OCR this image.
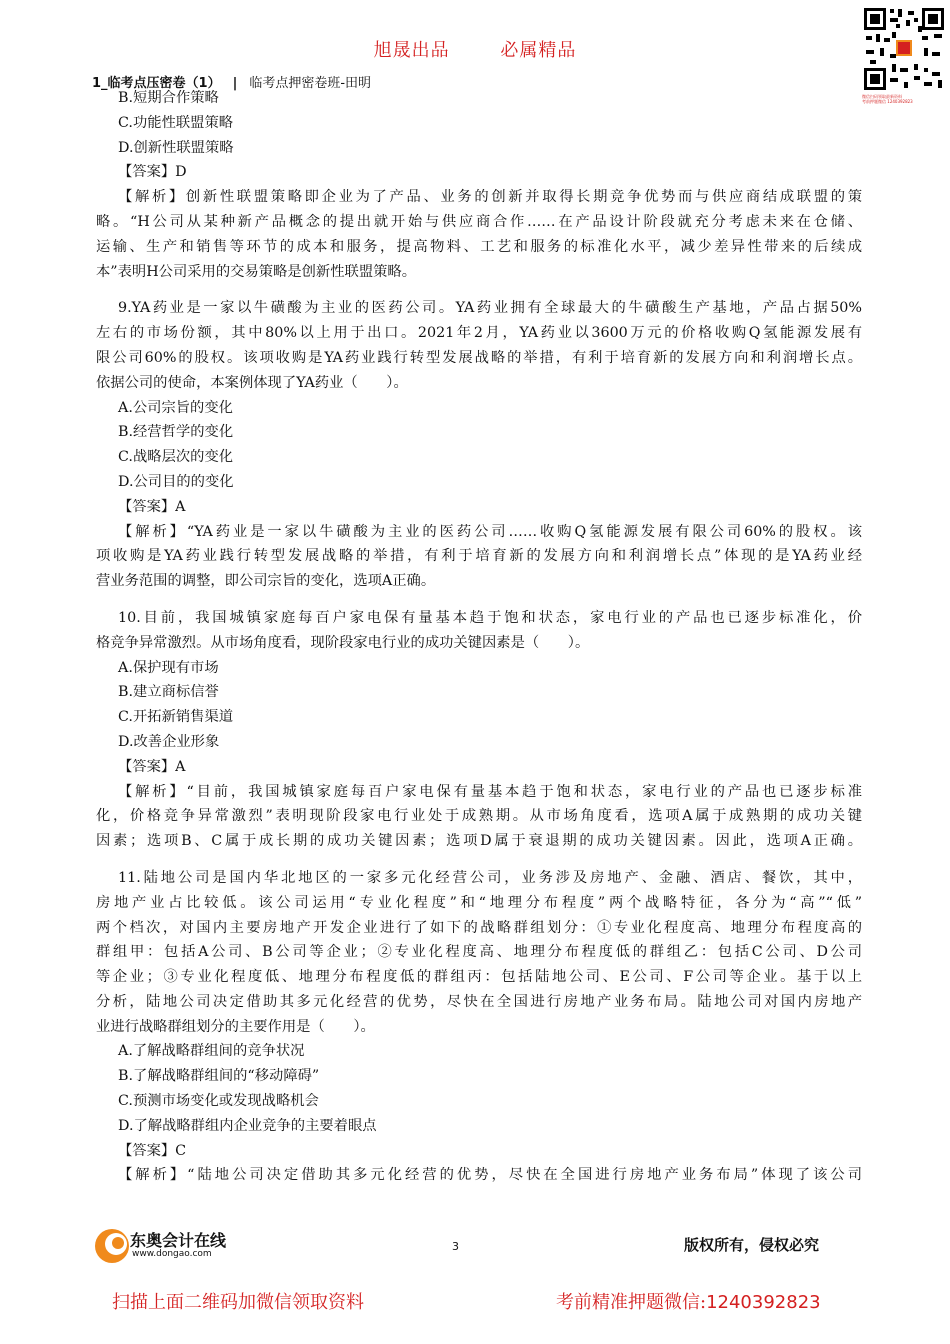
旭晟出品	必属精品
微信扫码领取最新资料
考前押题微信 1240392823
1_临考点压密卷（1） | 临考点押密卷班-田明
B.短期合作策略
C.功能性联盟策略
D.创新性联盟策略
【答案】D
【解析】创新性联盟策略即企业为了产品、业务的创新并取得长期竞争优势而与供应商结成联盟的策
略。“H公司从某种新产品概念的提出就开始与供应商合作……在产品设计阶段就充分考虑未来在仓储、
运输、生产和销售等环节的成本和服务，提高物料、工艺和服务的标准化水平，减少差异性带来的后续成
本”表明H公司采用的交易策略是创新性联盟策略。
9.YA药业是一家以牛磺酸为主业的医药公司。YA药业拥有全球最大的牛磺酸生产基地，产品占据50%
左右的市场份额，其中80%以上用于出口。2021年2月，YA药业以3600万元的价格收购Q氢能源发展有
限公司60%的股权。该项收购是YA药业践行转型发展战略的举措，有利于培育新的发展方向和利润增长点。
依据公司的使命，本案例体现了YA药业（　　）。
A.公司宗旨的变化
B.经营哲学的变化
C.战略层次的变化
D.公司目的的变化
【答案】A
【解析】“YA药业是一家以牛磺酸为主业的医药公司……收购Q氢能源发展有限公司60%的股权。该
项收购是YA药业践行转型发展战略的举措，有利于培育新的发展方向和利润增长点”体现的是YA药业经
营业务范围的调整，即公司宗旨的变化，选项A正确。
10.目前，我国城镇家庭每百户家电保有量基本趋于饱和状态，家电行业的产品也已逐步标准化，价
格竞争异常激烈。从市场角度看，现阶段家电行业的成功关键因素是（　　）。
A.保护现有市场
B.建立商标信誉
C.开拓新销售渠道
D.改善企业形象
【答案】A
【解析】“目前，我国城镇家庭每百户家电保有量基本趋于饱和状态，家电行业的产品也已逐步标准
化，价格竞争异常激烈”表明现阶段家电行业处于成熟期。从市场角度看，选项A属于成熟期的成功关键
因素；选项B、C属于成长期的成功关键因素；选项D属于衰退期的成功关键因素。因此，选项A正确。
11.陆地公司是国内华北地区的一家多元化经营公司，业务涉及房地产、金融、酒店、餐饮，其中，
房地产业占比较低。该公司运用“专业化程度”和“地理分布程度”两个战略特征，各分为“高”“低”
两个档次，对国内主要房地产开发企业进行了如下的战略群组划分：①专业化程度高、地理分布程度高的
群组甲：包括A公司、B公司等企业；②专业化程度高、地理分布程度低的群组乙：包括C公司、D公司
等企业；③专业化程度低、地理分布程度低的群组丙：包括陆地公司、E公司、F公司等企业。基于以上
分析，陆地公司决定借助其多元化经营的优势，尽快在全国进行房地产业务布局。陆地公司对国内房地产
业进行战略群组划分的主要作用是（　　）。
A.了解战略群组间的竞争状况
B.了解战略群组间的“移动障碍”
C.预测市场变化或发现战略机会
D.了解战略群组内企业竞争的主要着眼点
【答案】C
【解析】“陆地公司决定借助其多元化经营的优势，尽快在全国进行房地产业务布局”体现了该公司
东奥会计在线
www.dongao.com
3	版权所有，侵权必究
扫描上面二维码加微信领取资料	考前精准押题微信:1240392823
